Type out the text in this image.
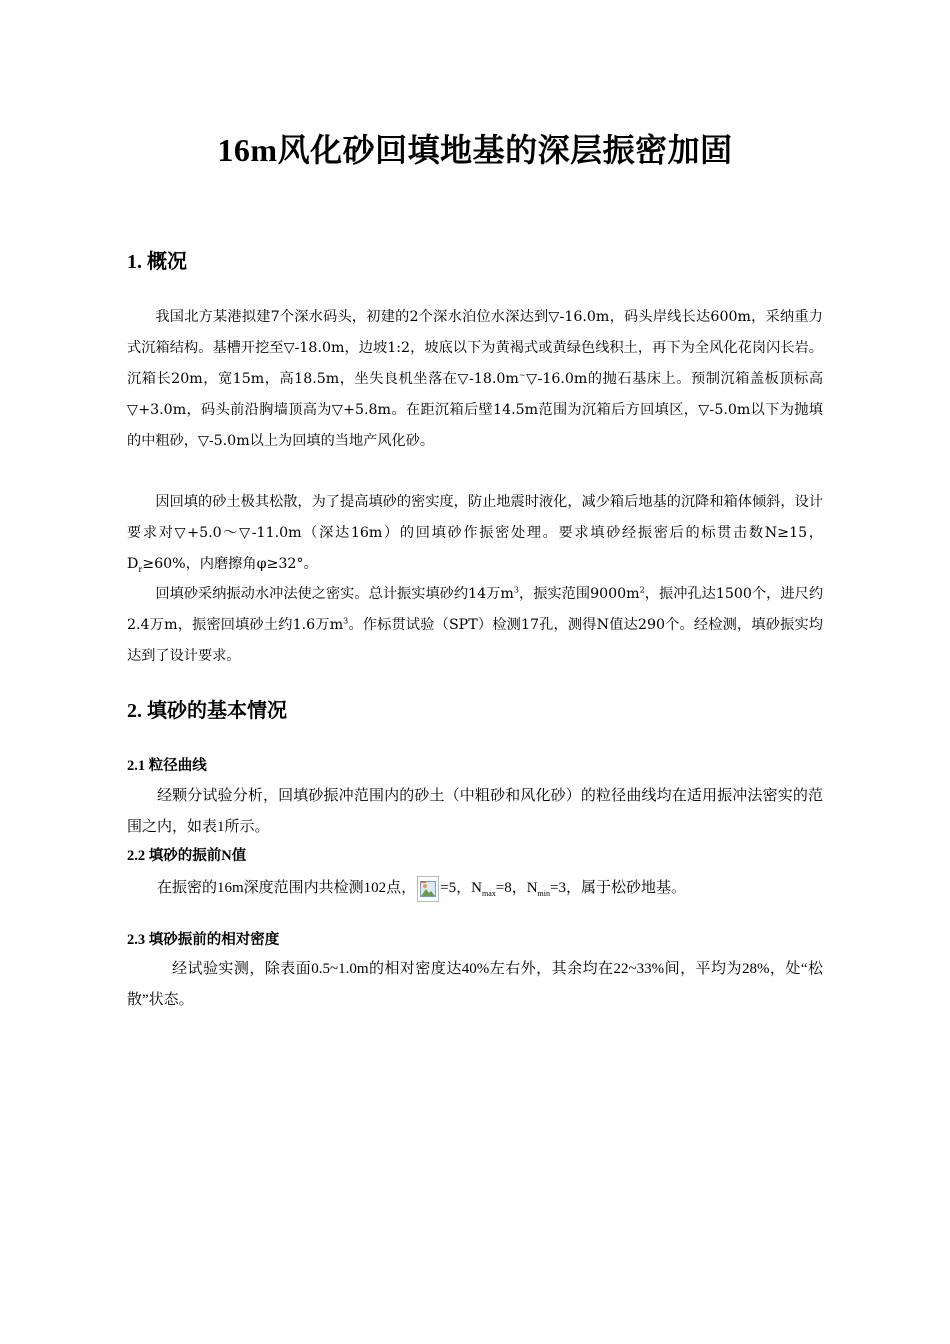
16m风化砂回填地基的深层振密加固
1. 概况

我国北方某港拟建7个深水码头，初建的2个深水泊位水深达到▽-16.0m，码头岸线长达600m，采纳重力式沉箱结构。基槽开挖至▽-18.0m，边坡1:2，坡底以下为黄褐式或黄绿色线积土，再下为全风化花岗闪长岩。沉箱长20m，宽15m，高18.5m，坐失良机坐落在▽-18.0m~▽-16.0m的抛石基床上。预制沉箱盖板顶标高▽+3.0m，码头前沿胸墙顶高为▽+5.8m。在距沉箱后壁14.5m范围为沉箱后方回填区，▽-5.0m以下为抛填的中粗砂，▽-5.0m以上为回填的当地产风化砂。

因回填的砂土极其松散，为了提高填砂的密实度，防止地震时液化，减少箱后地基的沉降和箱体倾斜，设计要求对▽+5.0～▽-11.0m（深达16m）的回填砂作振密处理。要求填砂经振密后的标贯击数N≥15，$D_r\ge 60\%$，内磨擦角φ≥32°。

回填砂采纳振动水冲法使之密实。总计振实填砂约14万$m^3$，振实范围$9000m^2$，振冲孔达1500个，进尺约2.4万m，振密回填砂土约1.6万$m^3$。作标贯试验（SPT）检测17孔，测得N值达290个。经检测，填砂振实均达到了设计要求。

2. 填砂的基本情况
2.1 粒径曲线

经颗分试验分析，回填砂振冲范围内的砂土（中粗砂和风化砂）的粒径曲线均在适用振冲法密实的范围之内，如表1所示。

2.2 填砂的振前N值

在振密的16m深度范围内共检测102点， =5，$N_{max}=8$，$N_{min}=3$，属于松砂地基。

2.3 填砂振前的相对密度

经试验实测，除表面0.5~1.0m的相对密度达40%左右外，其余均在22~33%间，平均为28%，处“松散”状态。
